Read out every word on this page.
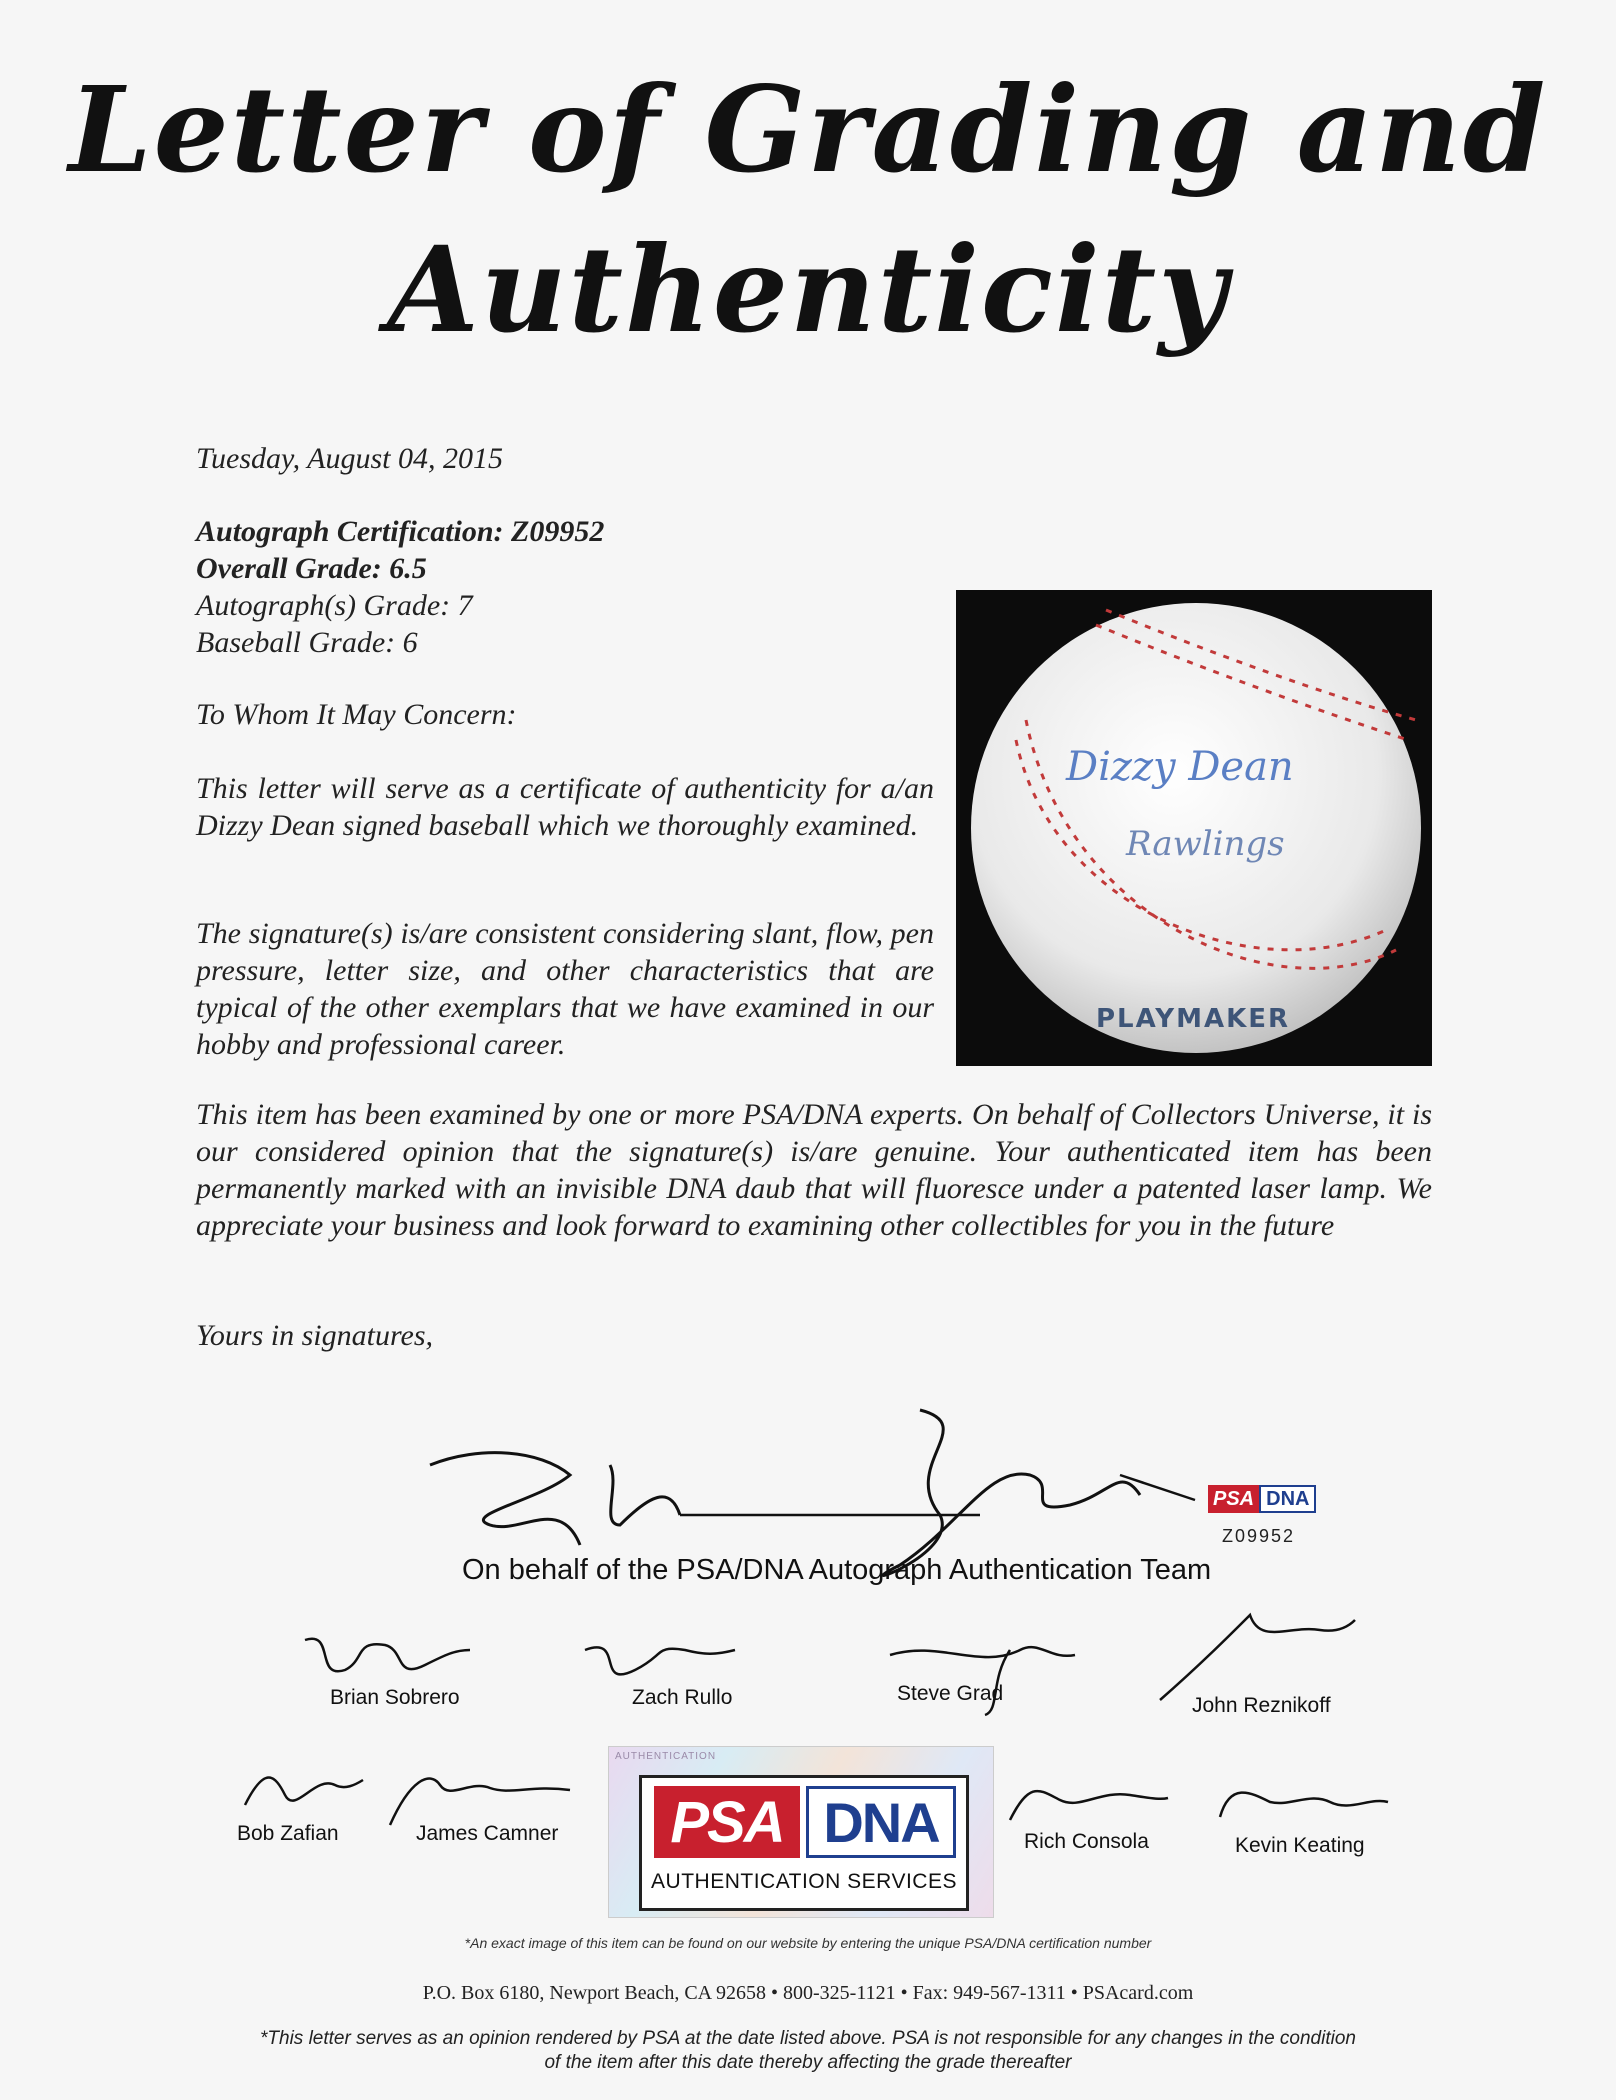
Letter of Grading and
Authenticity
Tuesday, August 04, 2015
Autograph Certification: Z09952
Overall Grade: 6.5
Autograph(s) Grade: 7
Baseball Grade: 6
To Whom It May Concern:
This letter will serve as a certificate of authenticity for a/an Dizzy Dean signed baseball which we thoroughly examined.
The signature(s) is/are consistent considering slant, flow, pen pressure, letter size, and other characteristics that are typical of the other exemplars that we have examined in our hobby and professional career.
This item has been examined by one or more PSA/DNA experts. On behalf of Collectors Universe, it is our considered opinion that the signature(s) is/are genuine. Your authenticated item has been permanently marked with an invisible DNA daub that will fluoresce under a patented laser lamp. We appreciate your business and look forward to examining other collectibles for you in the future
Yours in signatures,
Dizzy Dean
Rawlings
PLAYMAKER
PSA DNA
Z09952
On behalf of the PSA/DNA Autograph Authentication Team
Brian Sobrero	Zach Rullo	Steve Grad
John Reznikoff
Bob Zafian	James Camner	Rich Consola	Kevin Keating
AUTHENTICATION
PSA DNA
AUTHENTICATION SERVICES
*An exact image of this item can be found on our website by entering the unique PSA/DNA certification number
P.O. Box 6180, Newport Beach, CA 92658 • 800-325-1121 • Fax: 949-567-1311 • PSAcard.com
*This letter serves as an opinion rendered by PSA at the date listed above. PSA is not responsible for any changes in the condition
of the item after this date thereby affecting the grade thereafter
